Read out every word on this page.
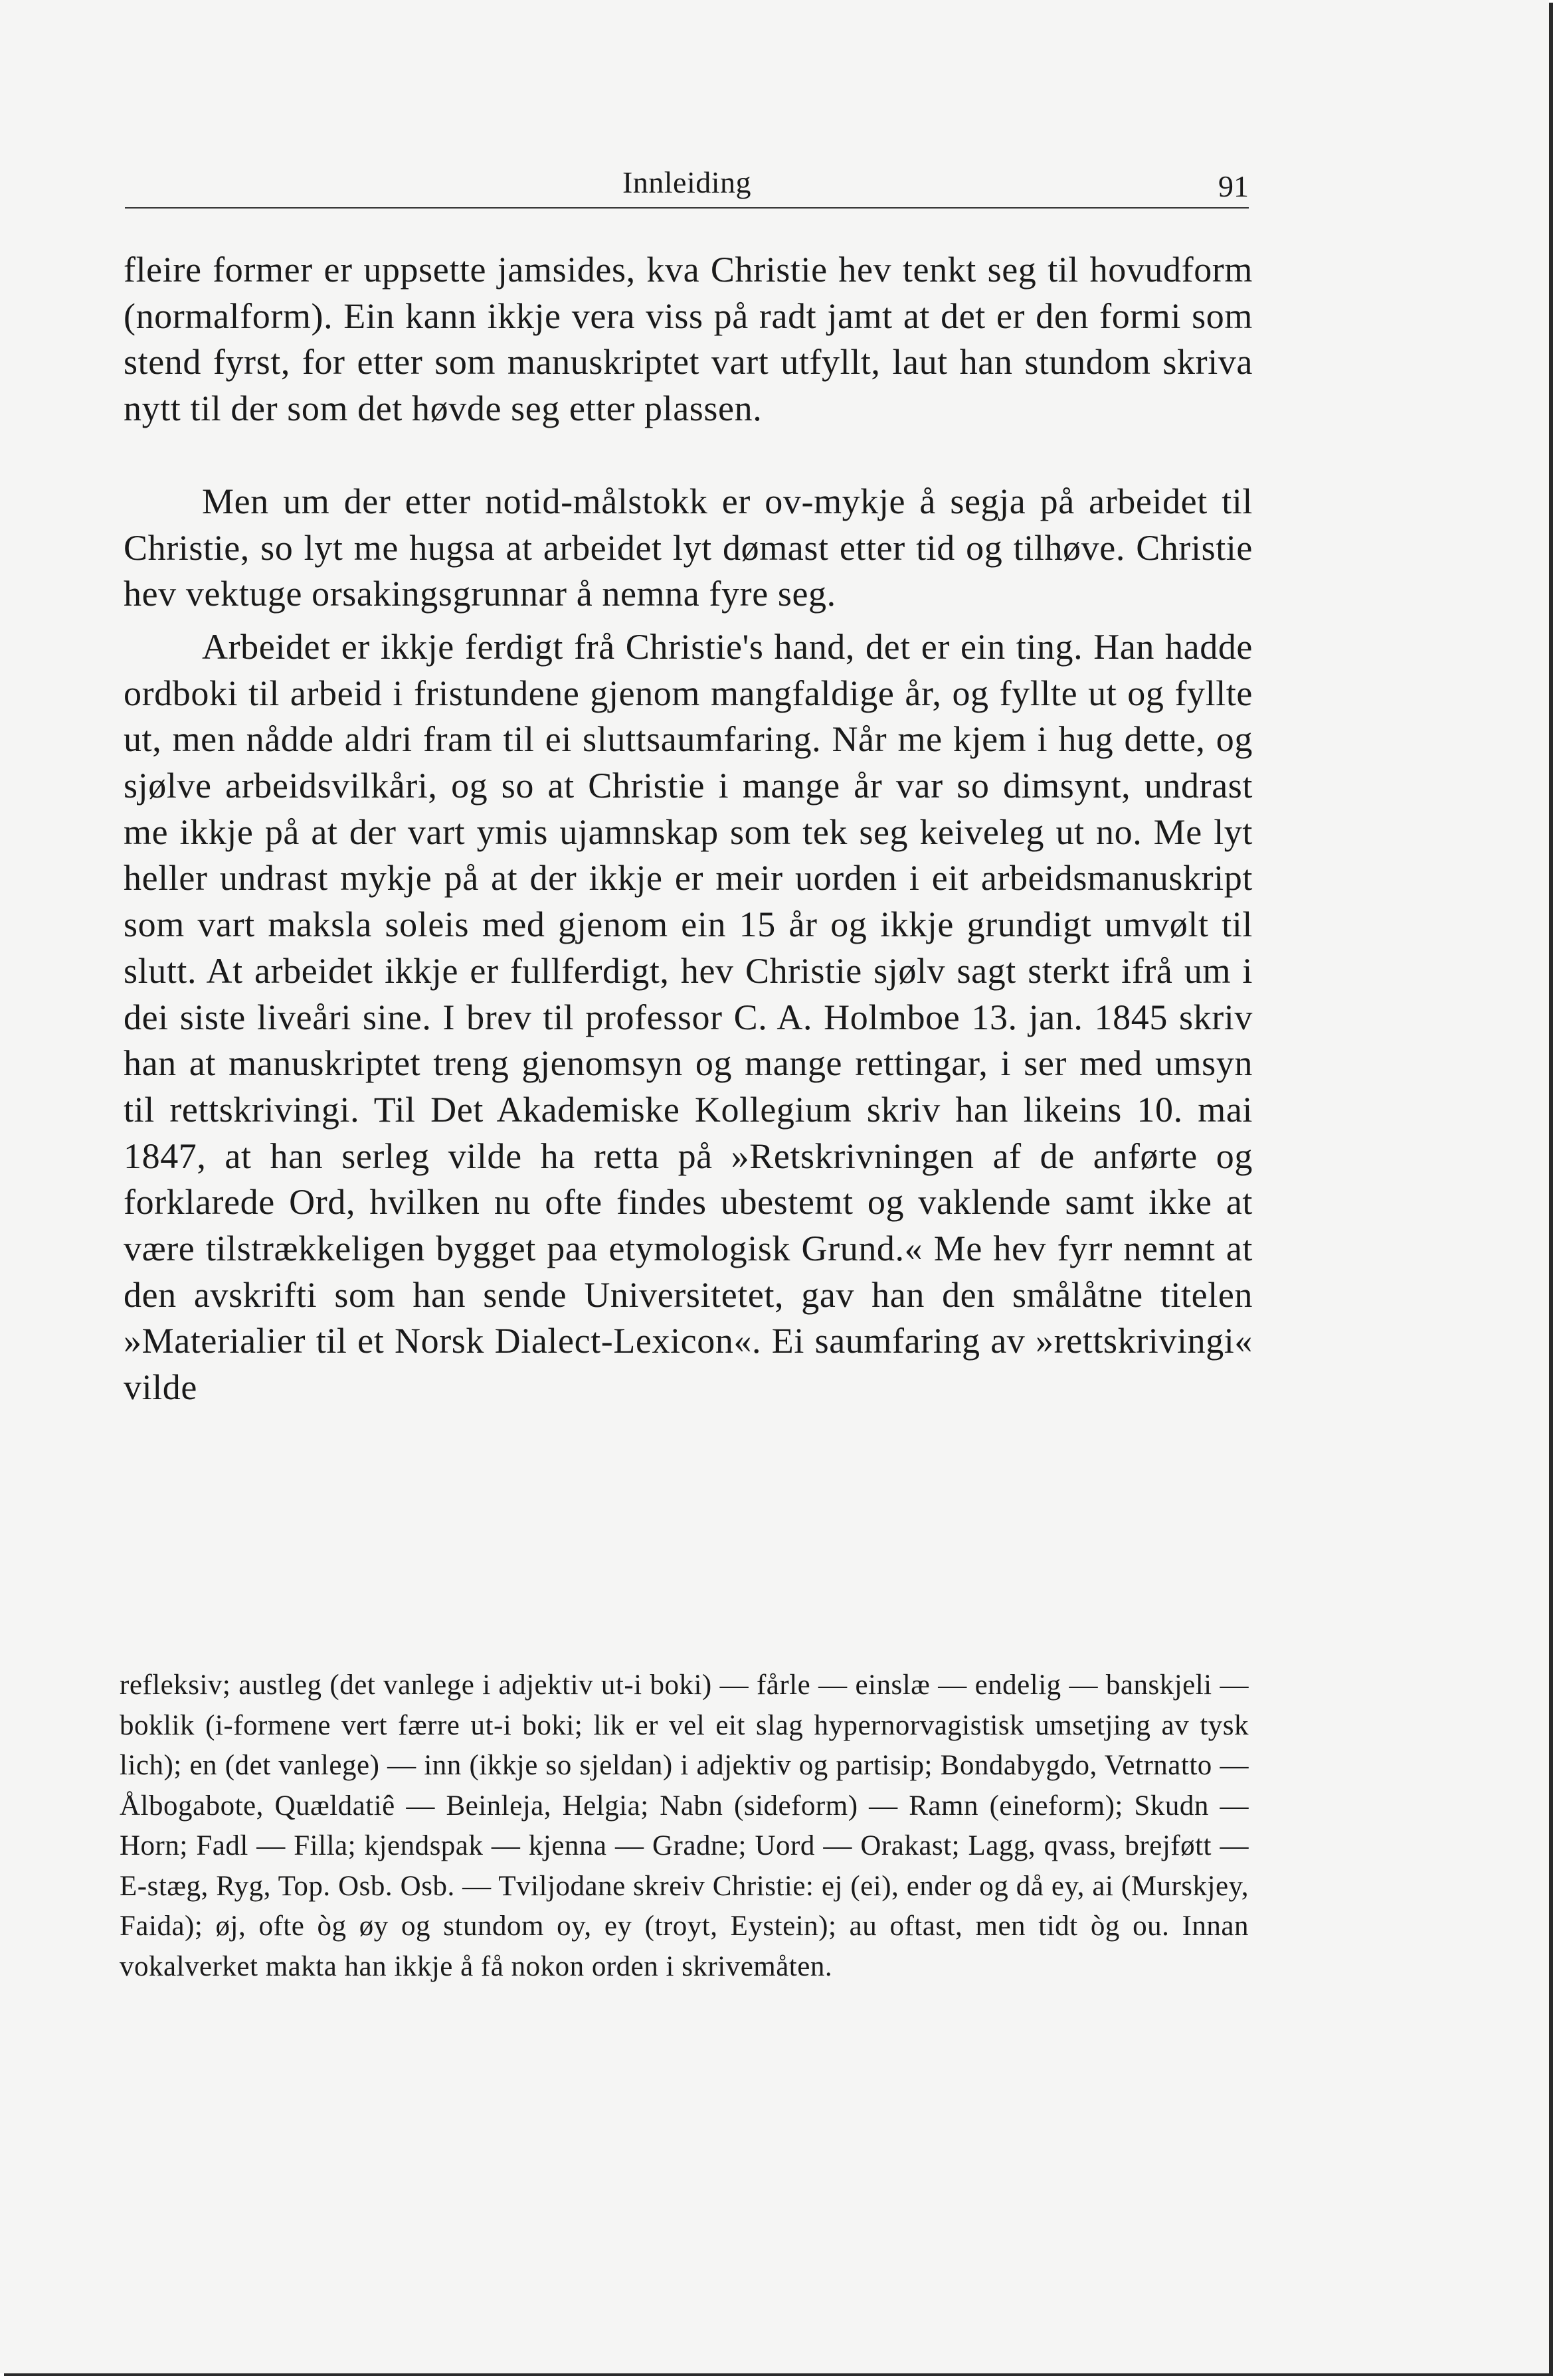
Innleiding	91

fleire former er uppsette jamsides, kva Christie hev tenkt seg til hovudform (normalform). Ein kann ikkje vera viss på radt jamt at det er den formi som stend fyrst, for etter som manuskriptet vart utfyllt, laut han stundom skriva nytt til der som det høvde seg etter plassen.

Men um der etter notid-målstokk er ov-mykje å segja på arbeidet til Christie, so lyt me hugsa at arbeidet lyt dømast etter tid og tilhøve. Christie hev vektuge orsakingsgrunnar å nemna fyre seg.

Arbeidet er ikkje ferdigt frå Christie's hand, det er ein ting. Han hadde ordboki til arbeid i fristundene gjenom mangfaldige år, og fyllte ut og fyllte ut, men nådde aldri fram til ei sluttsaumfaring. Når me kjem i hug dette, og sjølve arbeidsvilkåri, og so at Christie i mange år var so dimsynt, undrast me ikkje på at der vart ymis ujamnskap som tek seg keiveleg ut no. Me lyt heller undrast mykje på at der ikkje er meir uorden i eit arbeidsmanuskript som vart maksla soleis med gjenom ein 15 år og ikkje grundigt umvølt til slutt. At arbeidet ikkje er fullferdigt, hev Christie sjølv sagt sterkt ifrå um i dei siste liveåri sine. I brev til professor C. A. Holmboe 13. jan. 1845 skriv han at manuskriptet treng gjenomsyn og mange rettingar, i ser med umsyn til rettskrivingi. Til Det Akademiske Kollegium skriv han likeins 10. mai 1847, at han serleg vilde ha retta på »Retskrivningen af de anførte og forklarede Ord, hvilken nu ofte findes ubestemt og vaklende samt ikke at være tilstrækkeligen bygget paa etymologisk Grund.« Me hev fyrr nemnt at den avskrifti som han sende Universitetet, gav han den smålåtne titelen »Materialier til et Norsk Dialect-Lexicon«. Ei saumfaring av »rettskrivingi« vilde

refleksiv; austleg (det vanlege i adjektiv ut-i boki) — fårle — einslæ — endelig — banskjeli — boklik (i-formene vert færre ut-i boki; lik er vel eit slag hypernorvagistisk umsetjing av tysk lich); en (det vanlege) — inn (ikkje so sjeldan) i adjektiv og partisip; Bondabygdo, Vetrnatto — Ålbogabote, Quældatiê — Beinleja, Helgia; Nabn (sideform) — Ramn (eineform); Skudn — Horn; Fadl — Filla; kjendspak — kjenna — Gradne; Uord — Orakast; Lagg, qvass, brejføtt — E-stæg, Ryg, Top. Osb. Osb. — Tviljodane skreiv Christie: ej (ei), ender og då ey, ai (Murskjey, Faida); øj, ofte òg øy og stundom oy, ey (troyt, Eystein); au oftast, men tidt òg ou. Innan vokalverket makta han ikkje å få nokon orden i skrivemåten.
